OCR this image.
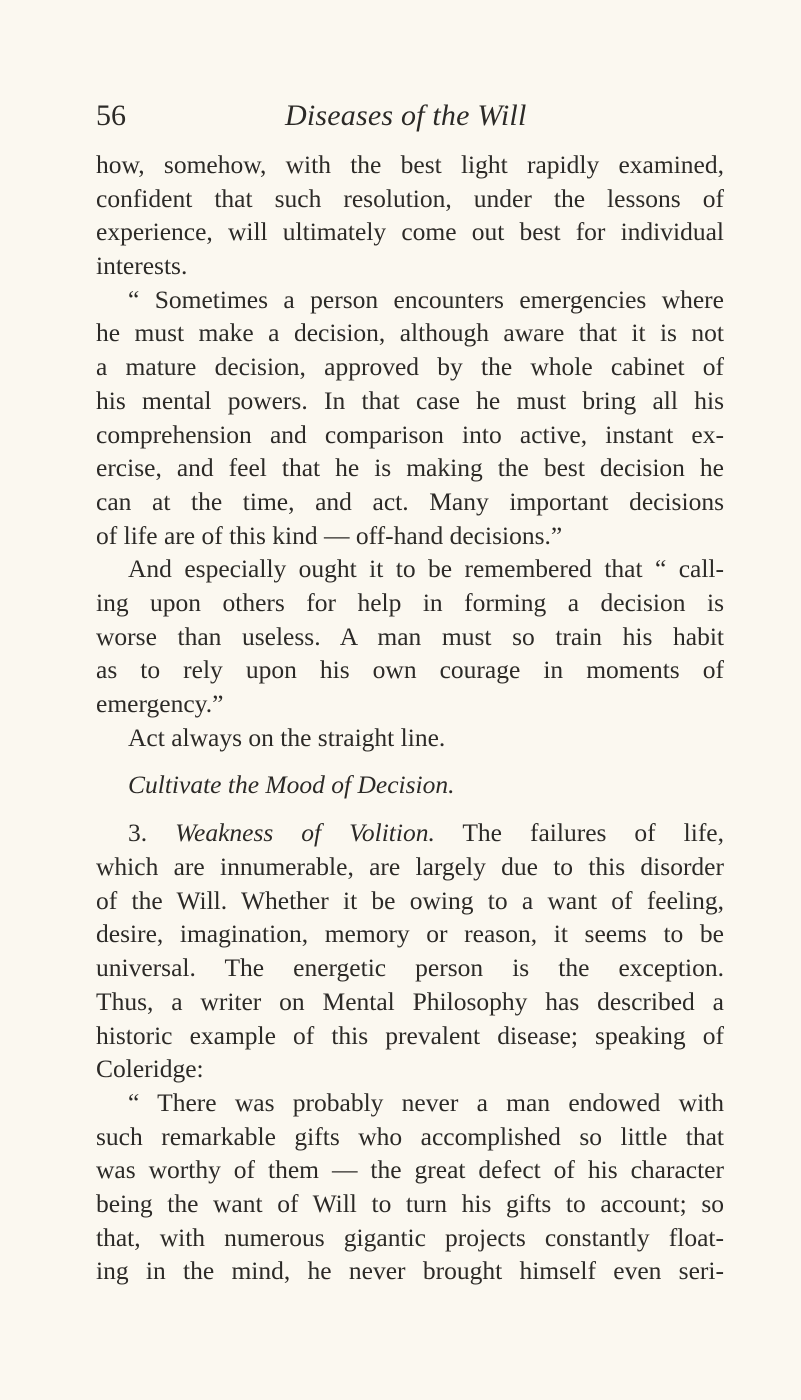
56	Diseases of the Will
how, somehow, with the best light rapidly examined,
confident that such resolution, under the lessons of
experience, will ultimately come out best for individual
interests.
“ Sometimes a person encounters emergencies where
he must make a decision, although aware that it is not
a mature decision, approved by the whole cabinet of
his mental powers. In that case he must bring all his
comprehension and comparison into active, instant ex-
ercise, and feel that he is making the best decision he
can at the time, and act. Many important decisions
of life are of this kind — off-hand decisions.”
And especially ought it to be remembered that “ call-
ing upon others for help in forming a decision is
worse than useless. A man must so train his habit
as to rely upon his own courage in moments of
emergency.”
Act always on the straight line.
Cultivate the Mood of Decision.
3. Weakness of Volition. The failures of life,
which are innumerable, are largely due to this disorder
of the Will. Whether it be owing to a want of feeling,
desire, imagination, memory or reason, it seems to be
universal. The energetic person is the exception.
Thus, a writer on Mental Philosophy has described a
historic example of this prevalent disease; speaking of
Coleridge:
“ There was probably never a man endowed with
such remarkable gifts who accomplished so little that
was worthy of them — the great defect of his character
being the want of Will to turn his gifts to account; so
that, with numerous gigantic projects constantly float-
ing in the mind, he never brought himself even seri-
